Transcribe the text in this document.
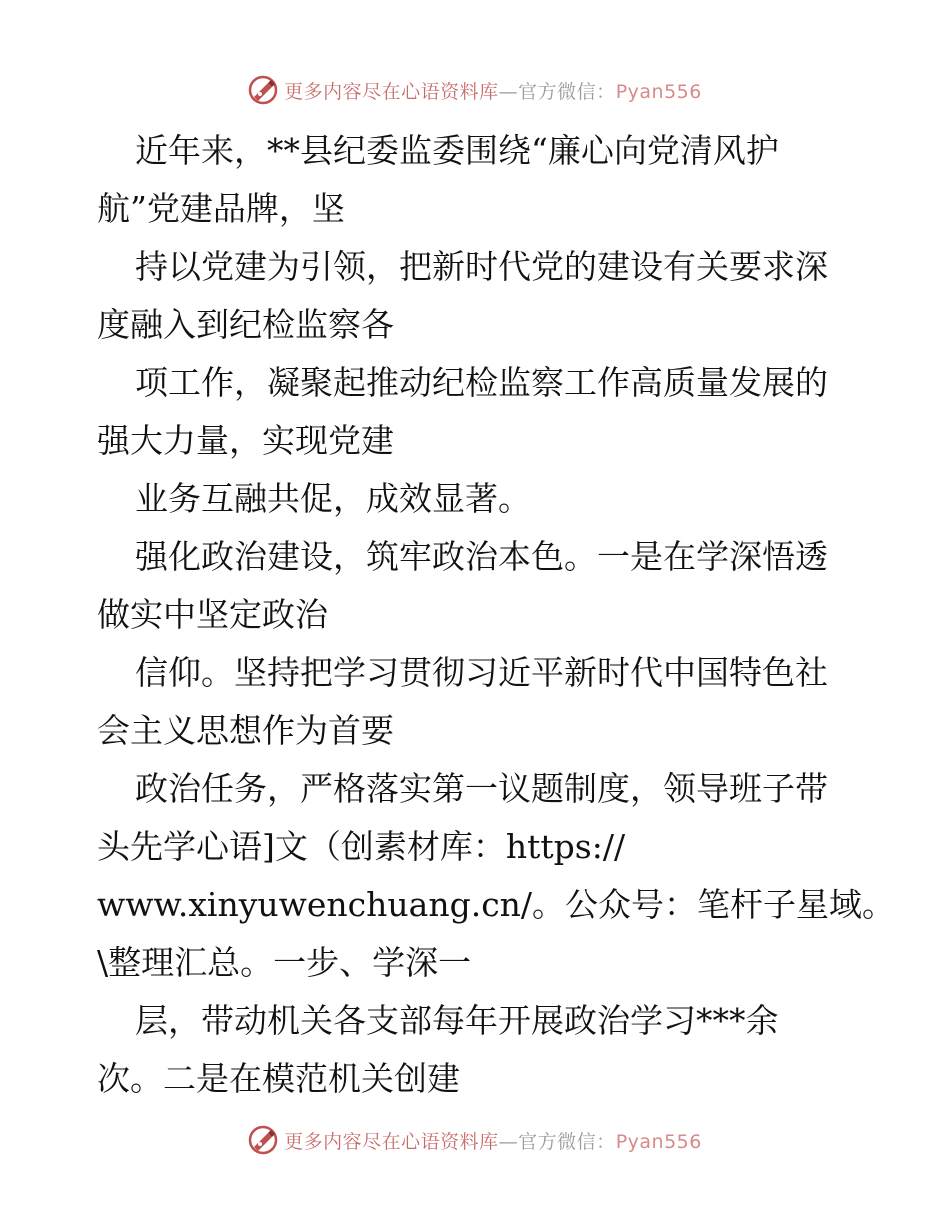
更多内容尽在心语资料库—官方微信：Pyan556
近年来，**县纪委监委围绕“廉心向党清风护
航”党建品牌，坚
持以党建为引领，把新时代党的建设有关要求深
度融入到纪检监察各
项工作，凝聚起推动纪检监察工作高质量发展的
强大力量，实现党建
业务互融共促，成效显著。
强化政治建设，筑牢政治本色。一是在学深悟透
做实中坚定政治
信仰。坚持把学习贯彻习近平新时代中国特色社
会主义思想作为首要
政治任务，严格落实第一议题制度，领导班子带
头先学心语]文（创素材库：https://
www.xinyuwenchuang.cn/。公众号：笔杆子星域。
\整理汇总。一步、学深一
层，带动机关各支部每年开展政治学习***余
次。二是在模范机关创建
更多内容尽在心语资料库—官方微信：Pyan556
